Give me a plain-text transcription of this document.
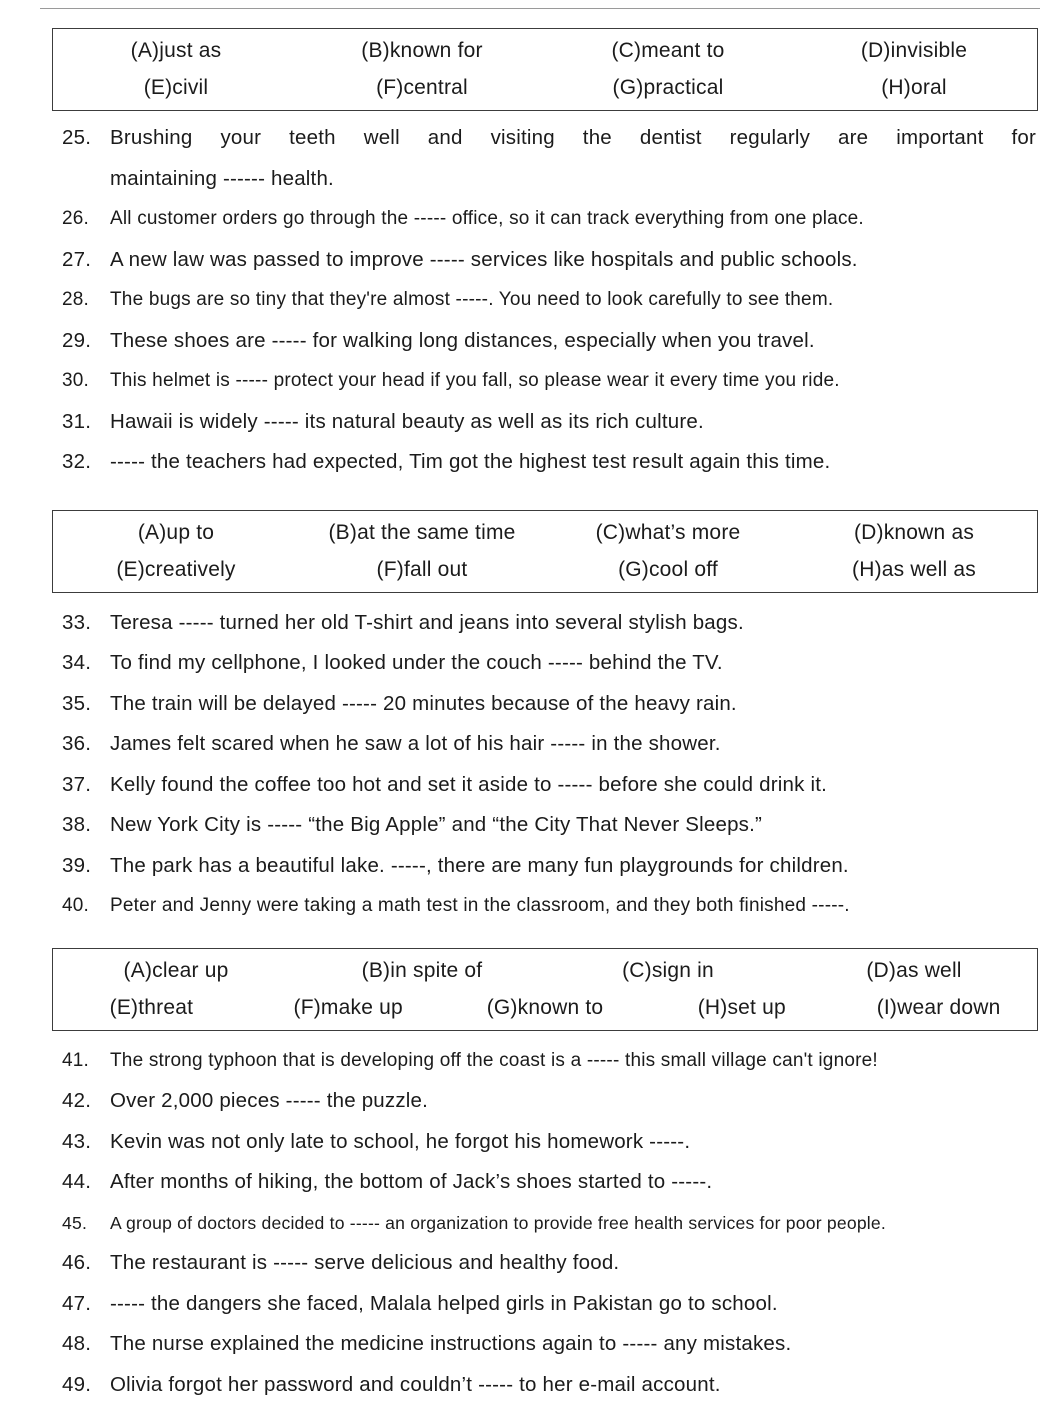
(A)just as	(B)known for	(C)meant to	(D)invisible
(E)civil	(F)central	(G)practical	(H)oral
25. Brushing your teeth well and visiting the dentist regularly are important for
maintaining ------ health.
26. All customer orders go through the ----- office, so it can track everything from one place.
27. A new law was passed to improve ----- services like hospitals and public schools.
28. The bugs are so tiny that they're almost -----. You need to look carefully to see them.
29. These shoes are ----- for walking long distances, especially when you travel.
30. This helmet is ----- protect your head if you fall, so please wear it every time you ride.
31. Hawaii is widely ----- its natural beauty as well as its rich culture.
32. ----- the teachers had expected, Tim got the highest test result again this time.
(A)up to	(B)at the same time	(C)what’s more	(D)known as
(E)creatively	(F)fall out	(G)cool off	(H)as well as
33. Teresa ----- turned her old T-shirt and jeans into several stylish bags.
34. To find my cellphone, I looked under the couch ----- behind the TV.
35. The train will be delayed ----- 20 minutes because of the heavy rain.
36. James felt scared when he saw a lot of his hair ----- in the shower.
37. Kelly found the coffee too hot and set it aside to ----- before she could drink it.
38. New York City is ----- “the Big Apple” and “the City That Never Sleeps.”
39. The park has a beautiful lake. -----, there are many fun playgrounds for children.
40. Peter and Jenny were taking a math test in the classroom, and they both finished -----.
(A)clear up	(B)in spite of	(C)sign in	(D)as well
(E)threat	(F)make up	(G)known to	(H)set up	(I)wear down
41. The strong typhoon that is developing off the coast is a ----- this small village can't ignore!
42. Over 2,000 pieces ----- the puzzle.
43. Kevin was not only late to school, he forgot his homework -----.
44. After months of hiking, the bottom of Jack’s shoes started to -----.
45. A group of doctors decided to ----- an organization to provide free health services for poor people.
46. The restaurant is ----- serve delicious and healthy food.
47. ----- the dangers she faced, Malala helped girls in Pakistan go to school.
48. The nurse explained the medicine instructions again to ----- any mistakes.
49. Olivia forgot her password and couldn’t ----- to her e-mail account.
